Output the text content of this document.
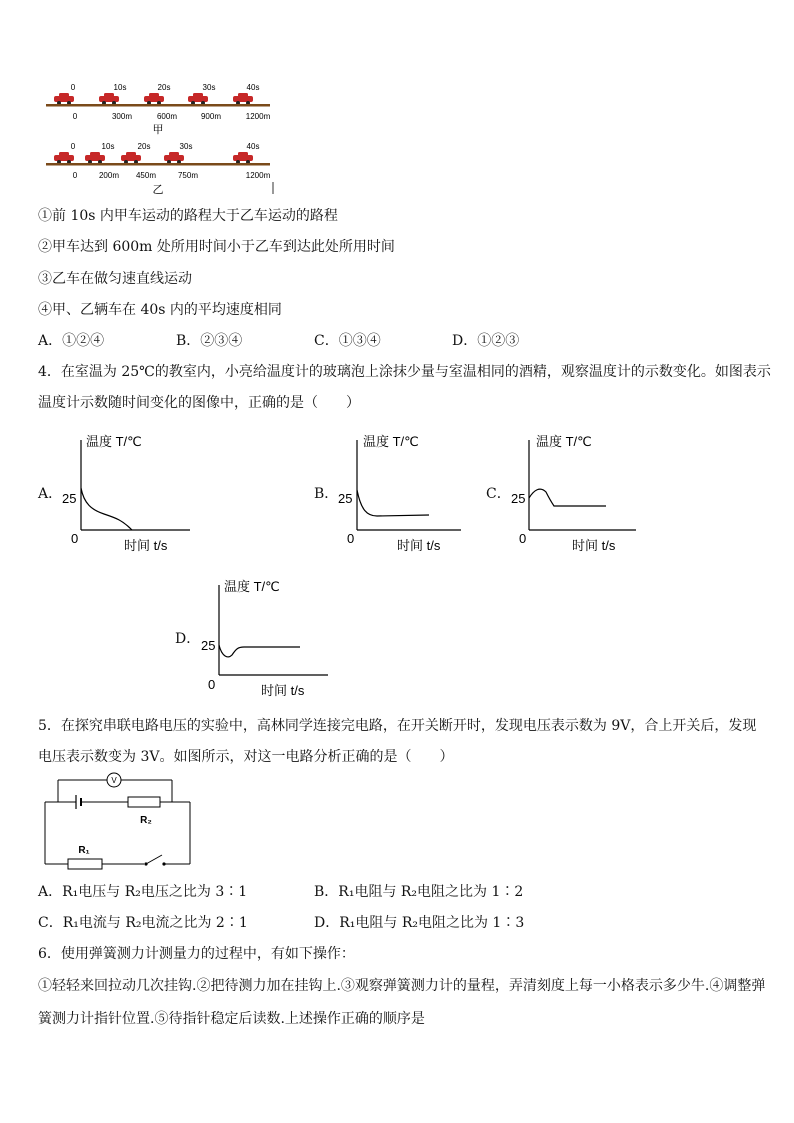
0	10s	20s	30s	40s
0	300m	600m	900m	1200m
甲
0	10s	20s	30s	40s
0	200m 450m	750m	1200m
乙
①前 10s 内甲车运动的路程大于乙车运动的路程
②甲车达到 600m 处所用时间小于乙车到达此处所用时间
③乙车在做匀速直线运动
④甲、乙辆车在 40s 内的平均速度相同
A．①②④	B．②③④	C．①③④	D．①②③
4．在室温为 25℃的教室内，小亮给温度计的玻璃泡上涂抹少量与室温相同的酒精，观察温度计的示数变化。如图表示
温度计示数随时间变化的图像中，正确的是（　　）
A．
温度 T/℃
25
0	时间 t/s
B．
温度 T/℃
25
0	时间 t/s
C．
温度 T/℃
25
0	时间 t/s
D．
温度 T/℃
25
0	时间 t/s
5．在探究串联电路电压的实验中，高林同学连接完电路，在开关断开时，发现电压表示数为 9V，合上开关后，发现
电压表示数变为 3V。如图所示，对这一电路分析正确的是（　　）
V
R₂
R₁
A．R₁电压与 R₂电压之比为 3∶1	B．R₁电阻与 R₂电阻之比为 1∶2
C．R₁电流与 R₂电流之比为 2∶1	D．R₁电阻与 R₂电阻之比为 1∶3
6．使用弹簧测力计测量力的过程中，有如下操作：
①轻轻来回拉动几次挂钩.②把待测力加在挂钩上.③观察弹簧测力计的量程，弄清刻度上每一小格表示多少牛.④调整弹
簧测力计指针位置.⑤待指针稳定后读数.上述操作正确的顺序是
